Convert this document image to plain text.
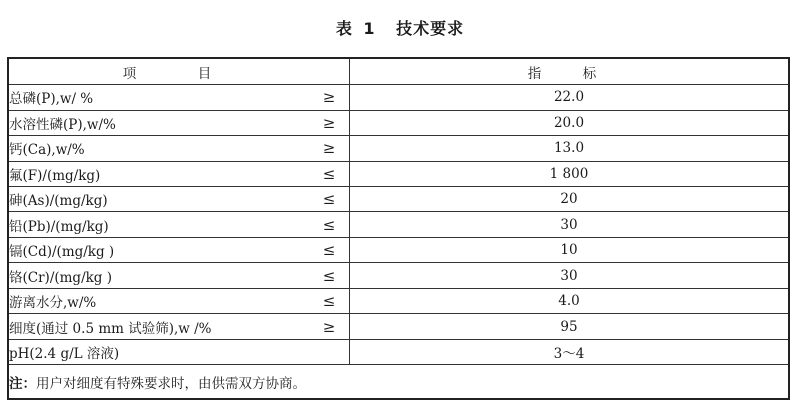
表 1 技术要求
项　目	指　标

总磷(P),w/ % ≥	22.0

水溶性磷(P),w/% ≥	20.0

钙(Ca),w/% ≥	13.0

氟(F)/(mg/kg) ≤	1 800

砷(As)/(mg/kg) ≤	20

铅(Pb)/(mg/kg) ≤	30

镉(Cd)/(mg/kg ) ≤	10

铬(Cr)/(mg/kg ) ≤	30

游离水分,w/% ≤	4.0

细度(通过 0.5 mm 试验筛),w /% ≥	95

pH(2.4 g/L 溶液)	3～4
注：用户对细度有特殊要求时，由供需双方协商。	
